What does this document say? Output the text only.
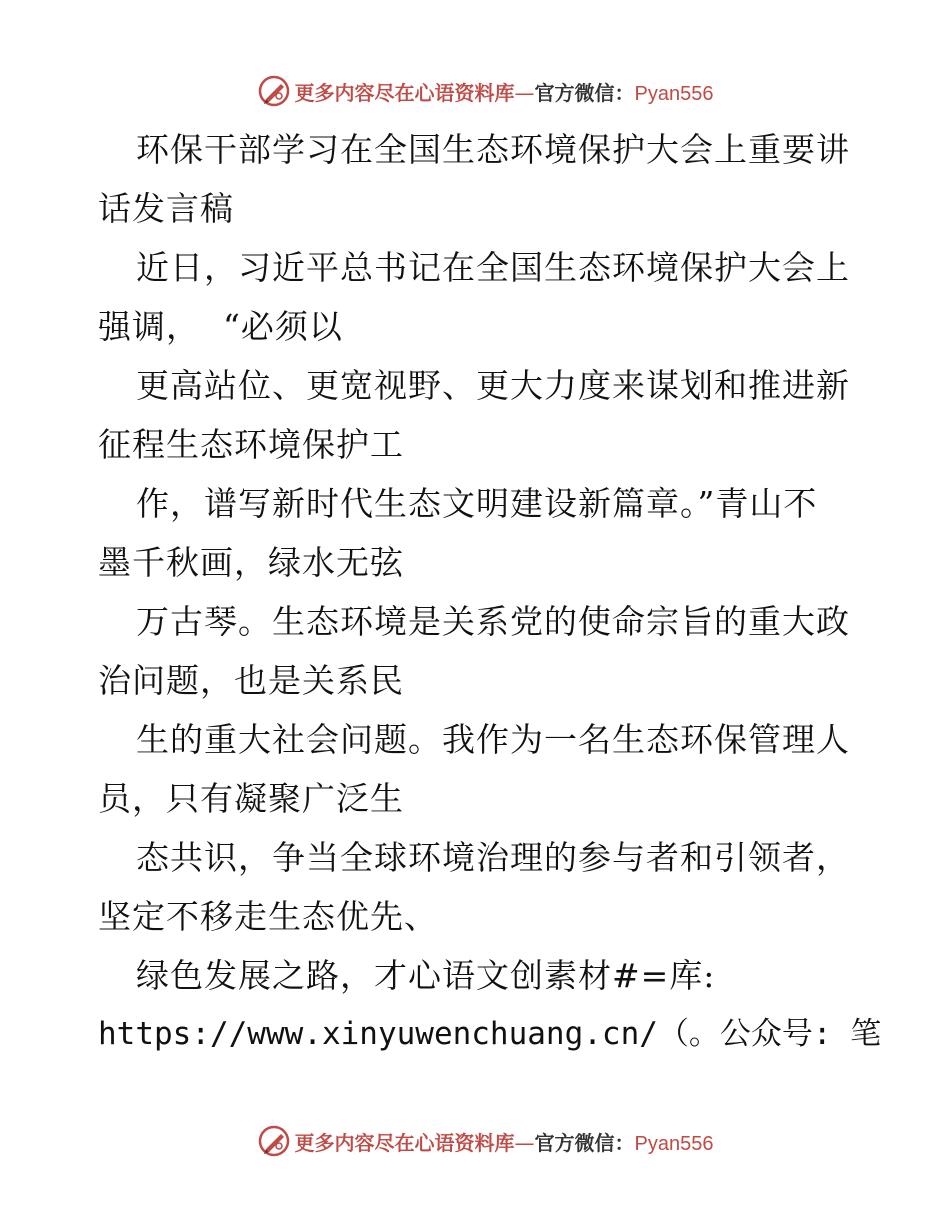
更多内容尽在心语资料库—官方微信：Pyan556
环保干部学习在全国生态环境保护大会上重要讲
话发言稿
近日，习近平总书记在全国生态环境保护大会上
强调，  “必须以
更高站位、更宽视野、更大力度来谋划和推进新
征程生态环境保护工
作，谱写新时代生态文明建设新篇章。”青山不
墨千秋画，绿水无弦
万古琴。生态环境是关系党的使命宗旨的重大政
治问题，也是关系民
生的重大社会问题。我作为一名生态环保管理人
员，只有凝聚广泛生
态共识，争当全球环境治理的参与者和引领者，
坚定不移走生态优先、
绿色发展之路，才心语文创素材#=库:
https://www.xinyuwenchuang.cn/（。公众号: 笔
更多内容尽在心语资料库—官方微信：Pyan556
